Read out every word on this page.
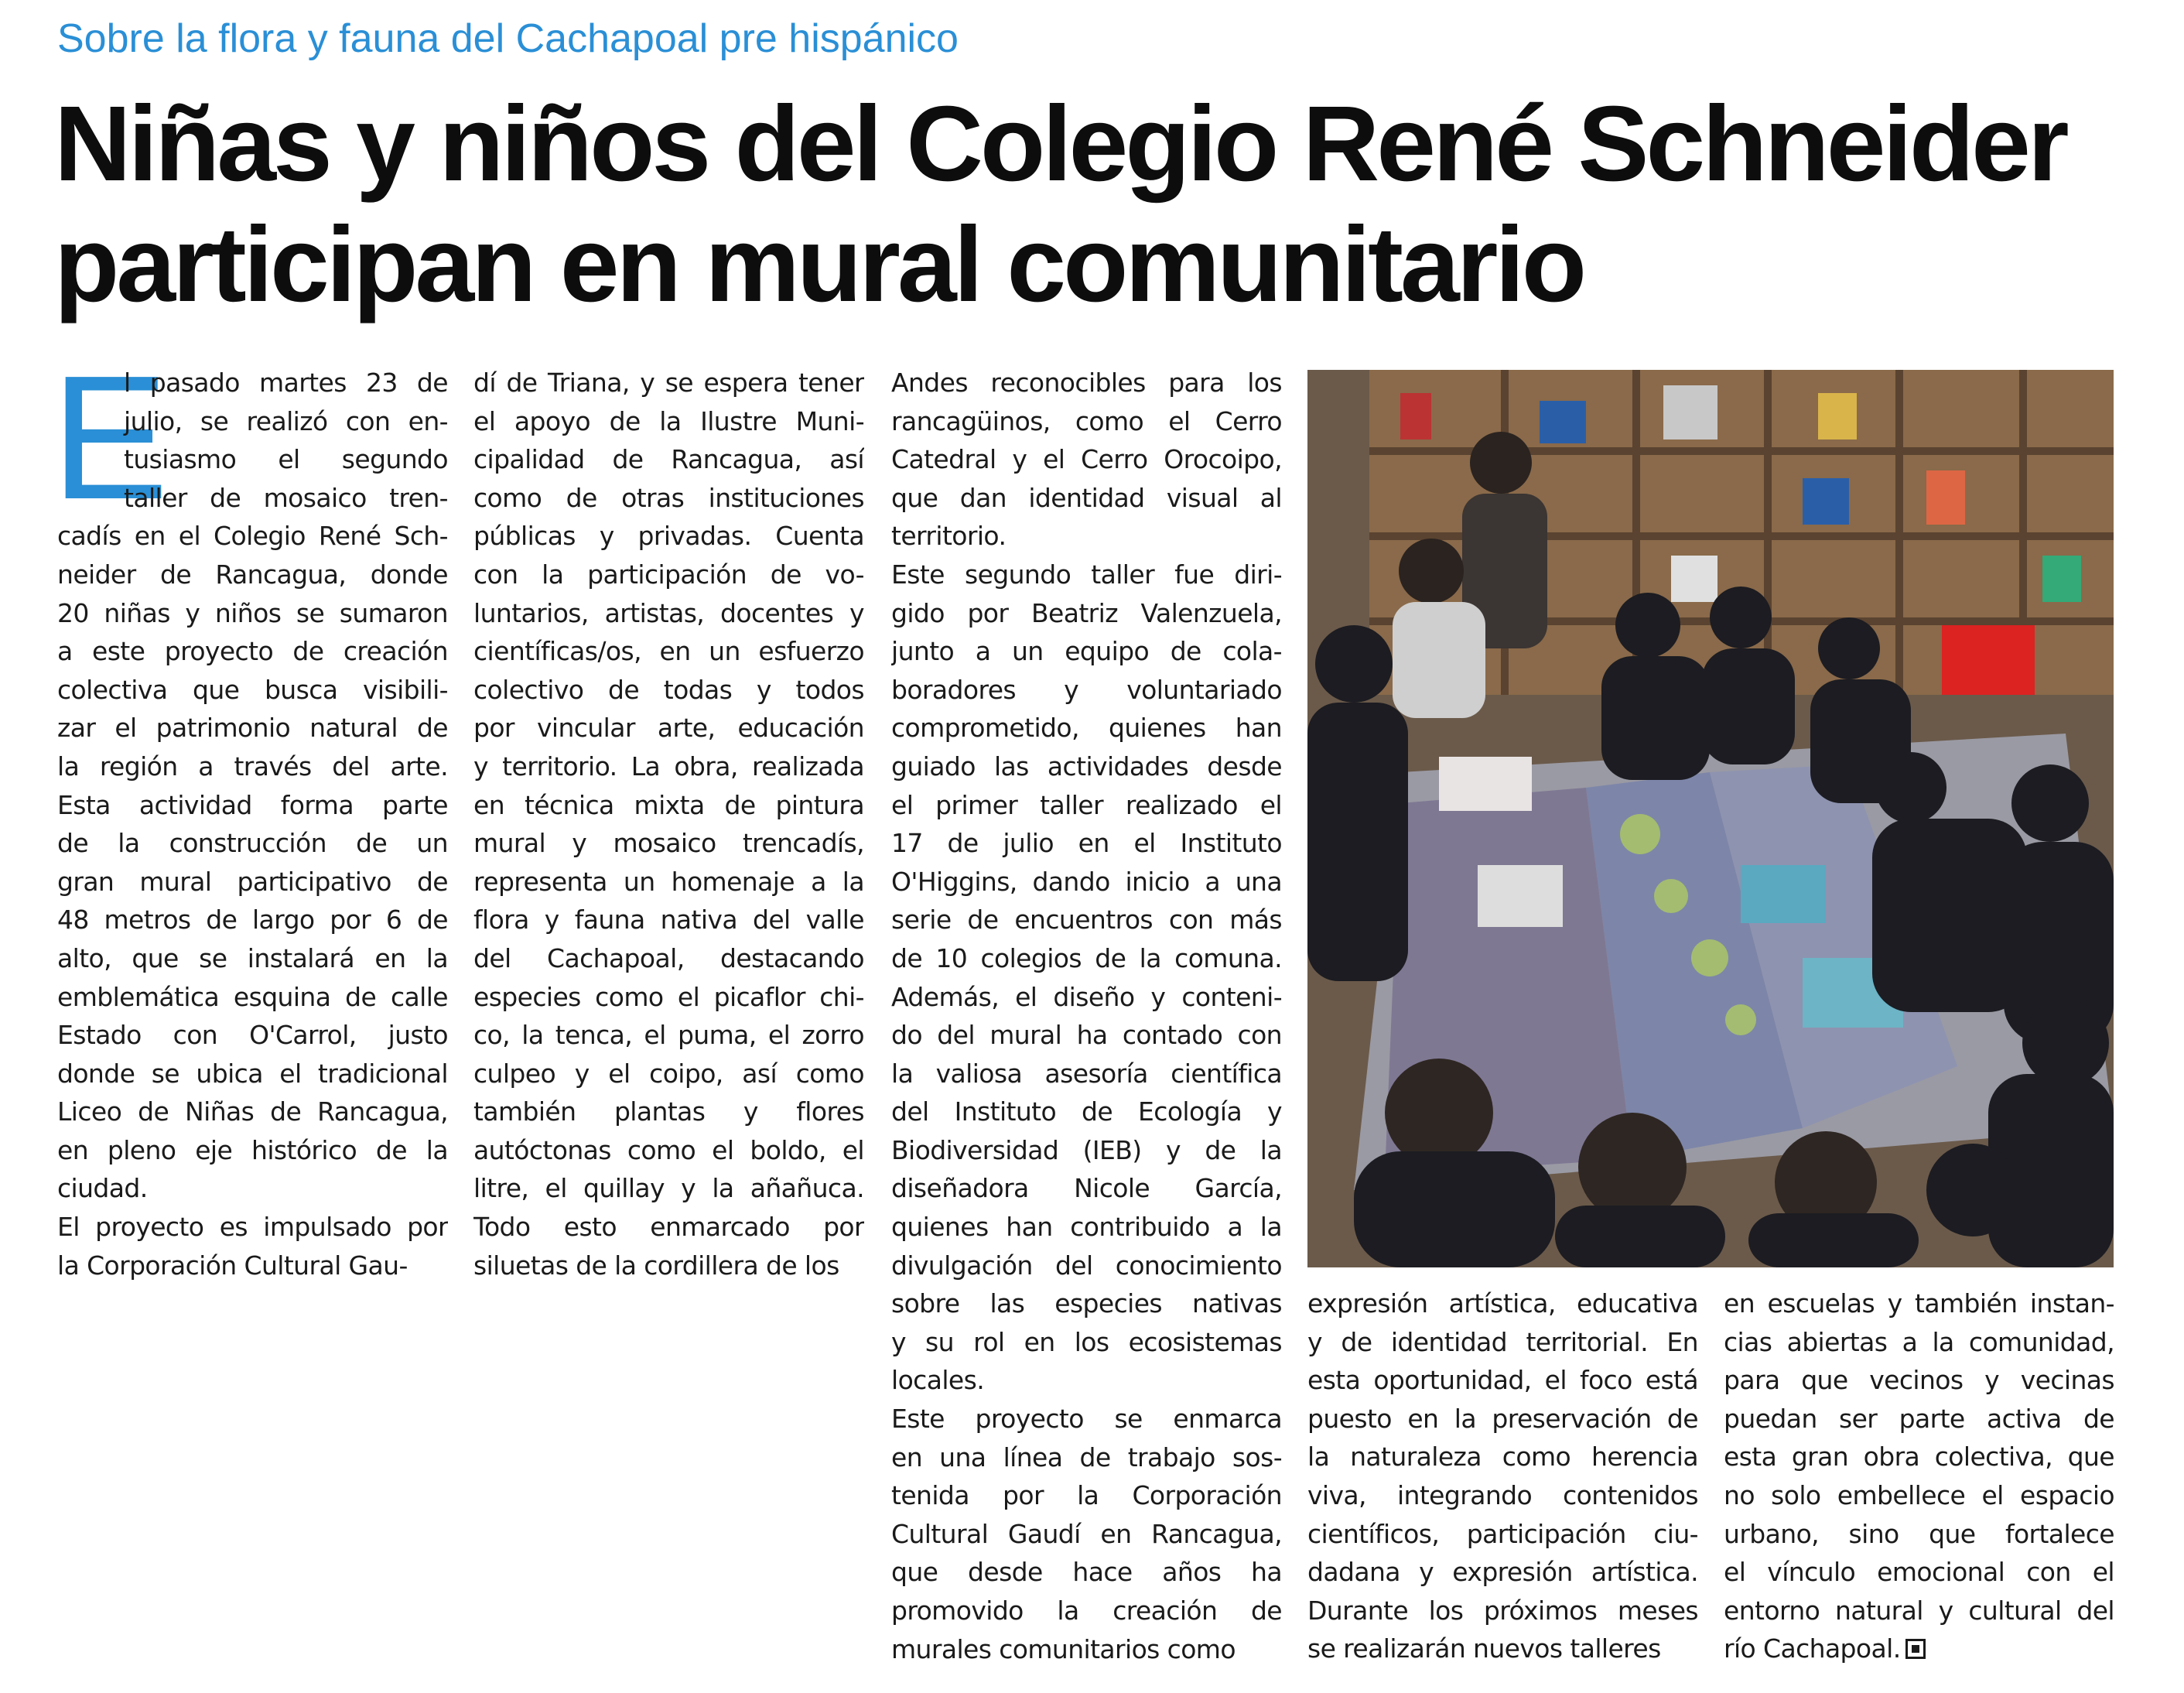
Sobre la flora y fauna del Cachapoal pre hispánico
Niñas y niños del Colegio René Schneider
participan en mural comunitario
E
l pasado martes 23 de
julio, se realizó con en-
tusiasmo el segundo
taller de mosaico tren-
cadís en el Colegio René Sch-
neider de Rancagua, donde
20 niñas y niños se sumaron
a este proyecto de creación
colectiva que busca visibili-
zar el patrimonio natural de
la región a través del arte.
Esta actividad forma parte
de la construcción de un
gran mural participativo de
48 metros de largo por 6 de
alto, que se instalará en la
emblemática esquina de calle
Estado con O'Carrol, justo
donde se ubica el tradicional
Liceo de Niñas de Rancagua,
en pleno eje histórico de la
ciudad.
El proyecto es impulsado por
la Corporación Cultural Gau-
dí de Triana, y se espera tener
el apoyo de la Ilustre Muni-
cipalidad de Rancagua, así
como de otras instituciones
públicas y privadas. Cuenta
con la participación de vo-
luntarios, artistas, docentes y
científicas/os, en un esfuerzo
colectivo de todas y todos
por vincular arte, educación
y territorio. La obra, realizada
en técnica mixta de pintura
mural y mosaico trencadís,
representa un homenaje a la
flora y fauna nativa del valle
del Cachapoal, destacando
especies como el picaflor chi-
co, la tenca, el puma, el zorro
culpeo y el coipo, así como
también plantas y flores
autóctonas como el boldo, el
litre, el quillay y la añañuca.
Todo esto enmarcado por
siluetas de la cordillera de los
Andes reconocibles para los
rancagüinos, como el Cerro
Catedral y el Cerro Orocoipo,
que dan identidad visual al
territorio.
Este segundo taller fue diri-
gido por Beatriz Valenzuela,
junto a un equipo de cola-
boradores y voluntariado
comprometido, quienes han
guiado las actividades desde
el primer taller realizado el
17 de julio en el Instituto
O'Higgins, dando inicio a una
serie de encuentros con más
de 10 colegios de la comuna.
Además, el diseño y conteni-
do del mural ha contado con
la valiosa asesoría científica
del Instituto de Ecología y
Biodiversidad (IEB) y de la
diseñadora Nicole García,
quienes han contribuido a la
divulgación del conocimiento
sobre las especies nativas
y su rol en los ecosistemas
locales.
Este proyecto se enmarca
en una línea de trabajo sos-
tenida por la Corporación
Cultural Gaudí en Rancagua,
que desde hace años ha
promovido la creación de
murales comunitarios como
expresión artística, educativa
y de identidad territorial. En
esta oportunidad, el foco está
puesto en la preservación de
la naturaleza como herencia
viva, integrando contenidos
científicos, participación ciu-
dadana y expresión artística.
Durante los próximos meses
se realizarán nuevos talleres
en escuelas y también instan-
cias abiertas a la comunidad,
para que vecinos y vecinas
puedan ser parte activa de
esta gran obra colectiva, que
no solo embellece el espacio
urbano, sino que fortalece
el vínculo emocional con el
entorno natural y cultural del
río Cachapoal.
